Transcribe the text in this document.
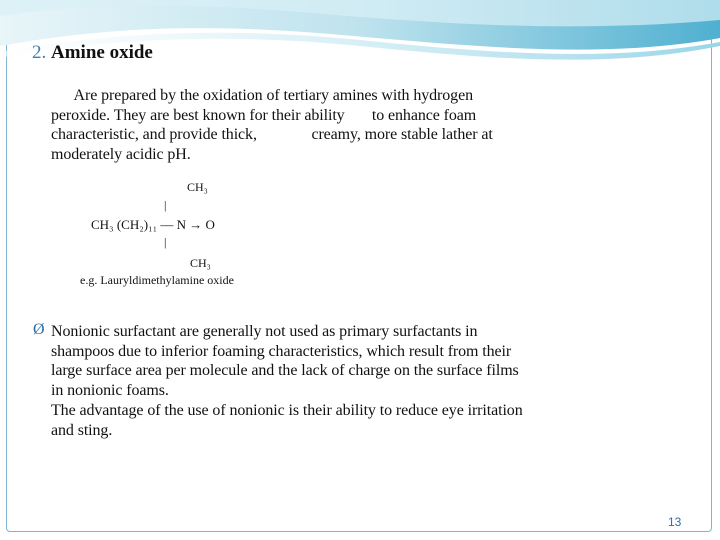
2. Amine oxide
Are prepared by the oxidation of tertiary amines with hydrogen
peroxide. They are best known for their ability       to enhance foam
characteristic, and provide thick,              creamy, more stable lather at
moderately acidic pH.
CH₃
|
CH₃ (CH₂)₁₁ — N → O
|
CH₃
e.g. Lauryldimethylamine oxide
Ø Nonionic surfactant are generally not used as primary surfactants in
shampoos due to inferior foaming characteristics, which result from their
large surface area per molecule and the lack of charge on the surface films
in nonionic foams.
The advantage of the use of nonionic is their ability to reduce eye irritation
and sting.
13
